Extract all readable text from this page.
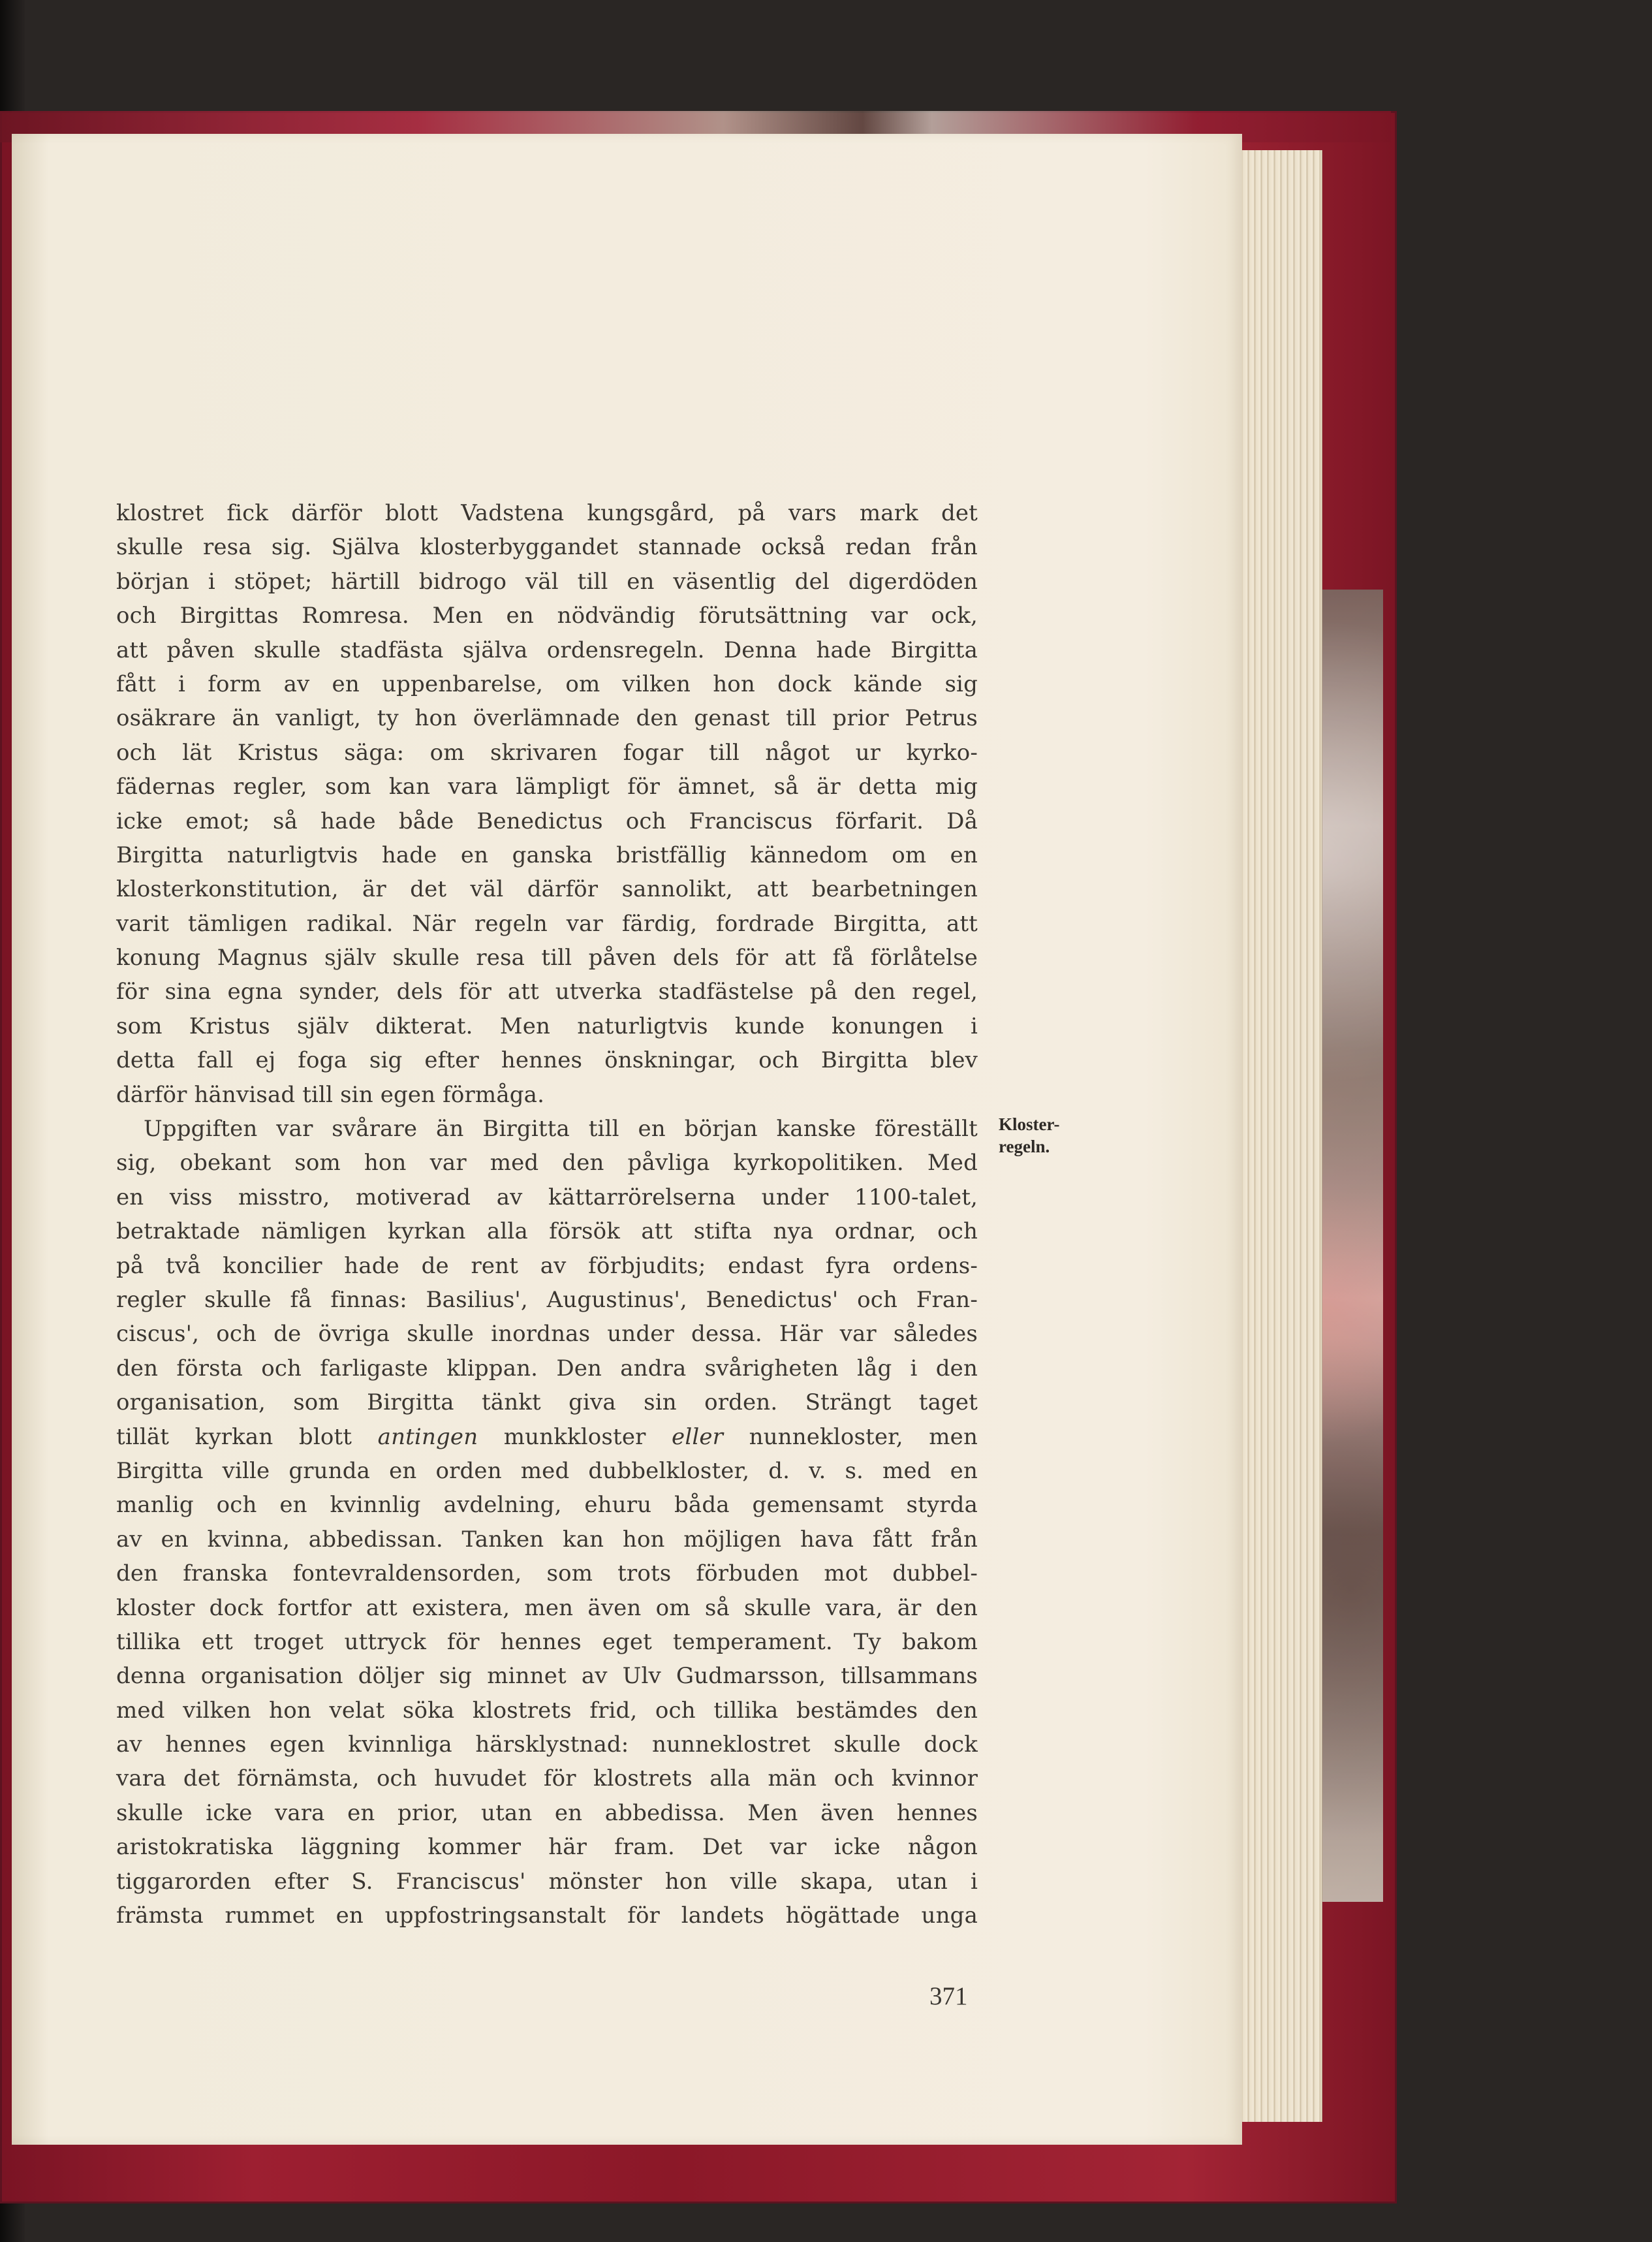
klostret fick därför blott Vadstena kungsgård, på vars mark det
skulle resa sig. Själva klosterbyggandet stannade också redan från
början i stöpet; härtill bidrogo väl till en väsentlig del digerdöden
och Birgittas Romresa. Men en nödvändig förutsättning var ock,
att påven skulle stadfästa själva ordensregeln. Denna hade Birgitta
fått i form av en uppenbarelse, om vilken hon dock kände sig
osäkrare än vanligt, ty hon överlämnade den genast till prior Petrus
och lät Kristus säga: om skrivaren fogar till något ur kyrko-
fädernas regler, som kan vara lämpligt för ämnet, så är detta mig
icke emot; så hade både Benedictus och Franciscus förfarit. Då
Birgitta naturligtvis hade en ganska bristfällig kännedom om en
klosterkonstitution, är det väl därför sannolikt, att bearbetningen
varit tämligen radikal. När regeln var färdig, fordrade Birgitta, att
konung Magnus själv skulle resa till påven dels för att få förlåtelse
för sina egna synder, dels för att utverka stadfästelse på den regel,
som Kristus själv dikterat. Men naturligtvis kunde konungen i
detta fall ej foga sig efter hennes önskningar, och Birgitta blev
därför hänvisad till sin egen förmåga.
Uppgiften var svårare än Birgitta till en början kanske föreställt
sig, obekant som hon var med den påvliga kyrkopolitiken. Med
en viss misstro, motiverad av kättarrörelserna under 1100-talet,
betraktade nämligen kyrkan alla försök att stifta nya ordnar, och
på två koncilier hade de rent av förbjudits; endast fyra ordens-
regler skulle få finnas: Basilius', Augustinus', Benedictus' och Fran-
ciscus', och de övriga skulle inordnas under dessa. Här var således
den första och farligaste klippan. Den andra svårigheten låg i den
organisation, som Birgitta tänkt giva sin orden. Strängt taget
tillät kyrkan blott antingen munkkloster eller nunnekloster, men
Birgitta ville grunda en orden med dubbelkloster, d. v. s. med en
manlig och en kvinnlig avdelning, ehuru båda gemensamt styrda
av en kvinna, abbedissan. Tanken kan hon möjligen hava fått från
den franska fontevraldensorden, som trots förbuden mot dubbel-
kloster dock fortfor att existera, men även om så skulle vara, är den
tillika ett troget uttryck för hennes eget temperament. Ty bakom
denna organisation döljer sig minnet av Ulv Gudmarsson, tillsammans
med vilken hon velat söka klostrets frid, och tillika bestämdes den
av hennes egen kvinnliga härsklystnad: nunneklostret skulle dock
vara det förnämsta, och huvudet för klostrets alla män och kvinnor
skulle icke vara en prior, utan en abbedissa. Men även hennes
aristokratiska läggning kommer här fram. Det var icke någon
tiggarorden efter S. Franciscus' mönster hon ville skapa, utan i
främsta rummet en uppfostringsanstalt för landets högättade unga
Kloster-
regeln.
371
